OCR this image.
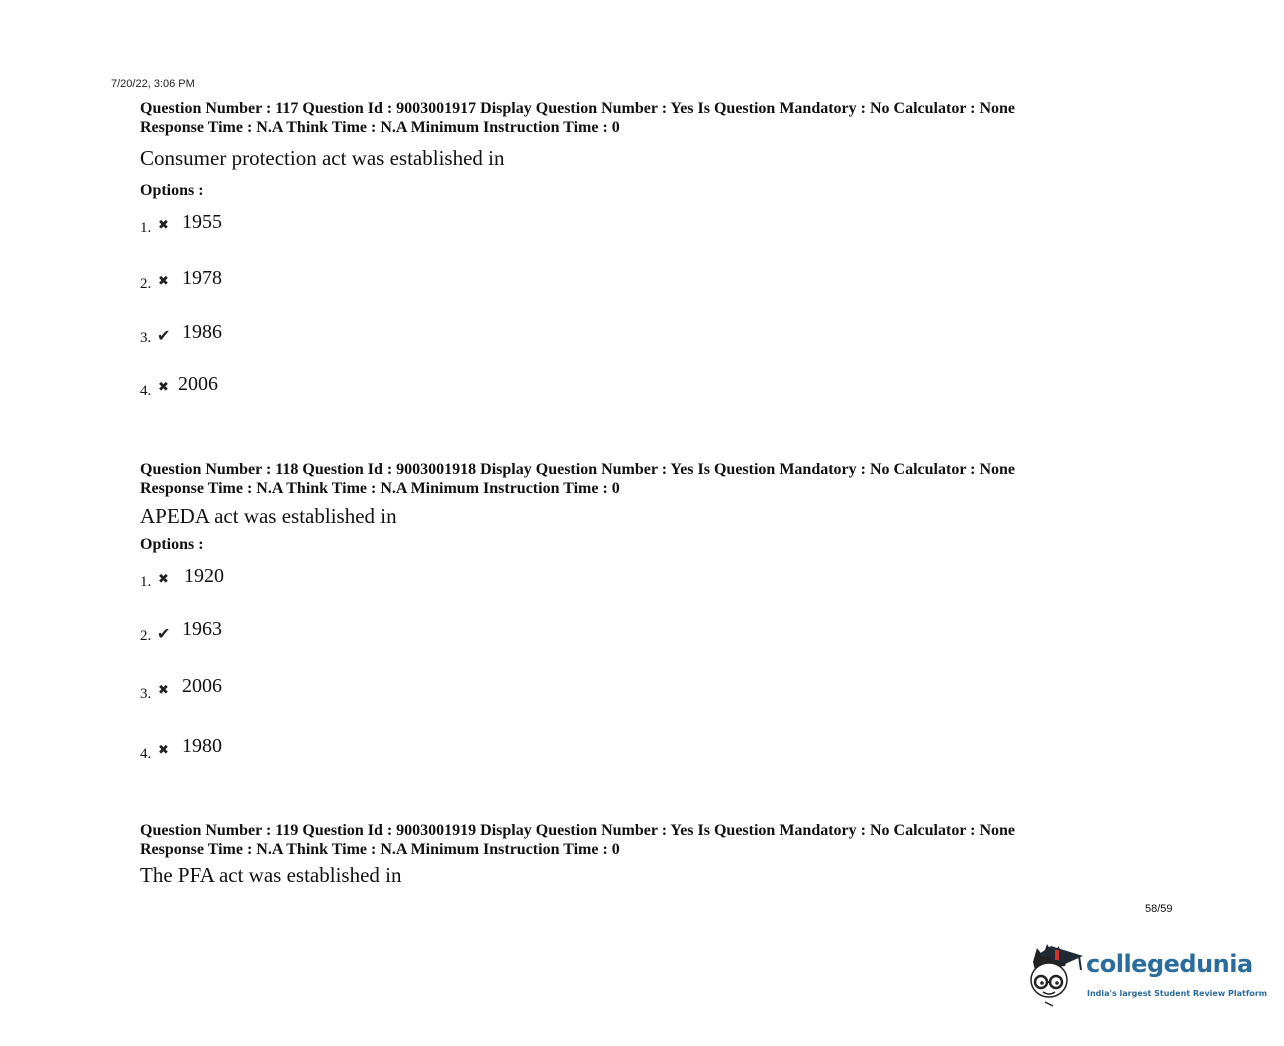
7/20/22, 3:06 PM
Question Number : 117 Question Id : 9003001917 Display Question Number : Yes Is Question Mandatory : No Calculator : None
Response Time : N.A Think Time : N.A Minimum Instruction Time : 0
Consumer protection act was established in
Options :
1. ✖ 1955
2. ✖ 1978
3. ✔ 1986
4. ✖ 2006
Question Number : 118 Question Id : 9003001918 Display Question Number : Yes Is Question Mandatory : No Calculator : None
Response Time : N.A Think Time : N.A Minimum Instruction Time : 0
APEDA act was established in
Options :
1. ✖ 1920
2. ✔ 1963
3. ✖ 2006
4. ✖ 1980
Question Number : 119 Question Id : 9003001919 Display Question Number : Yes Is Question Mandatory : No Calculator : None
Response Time : N.A Think Time : N.A Minimum Instruction Time : 0
The PFA act was established in
58/59
collegedunia
India's largest Student Review Platform
